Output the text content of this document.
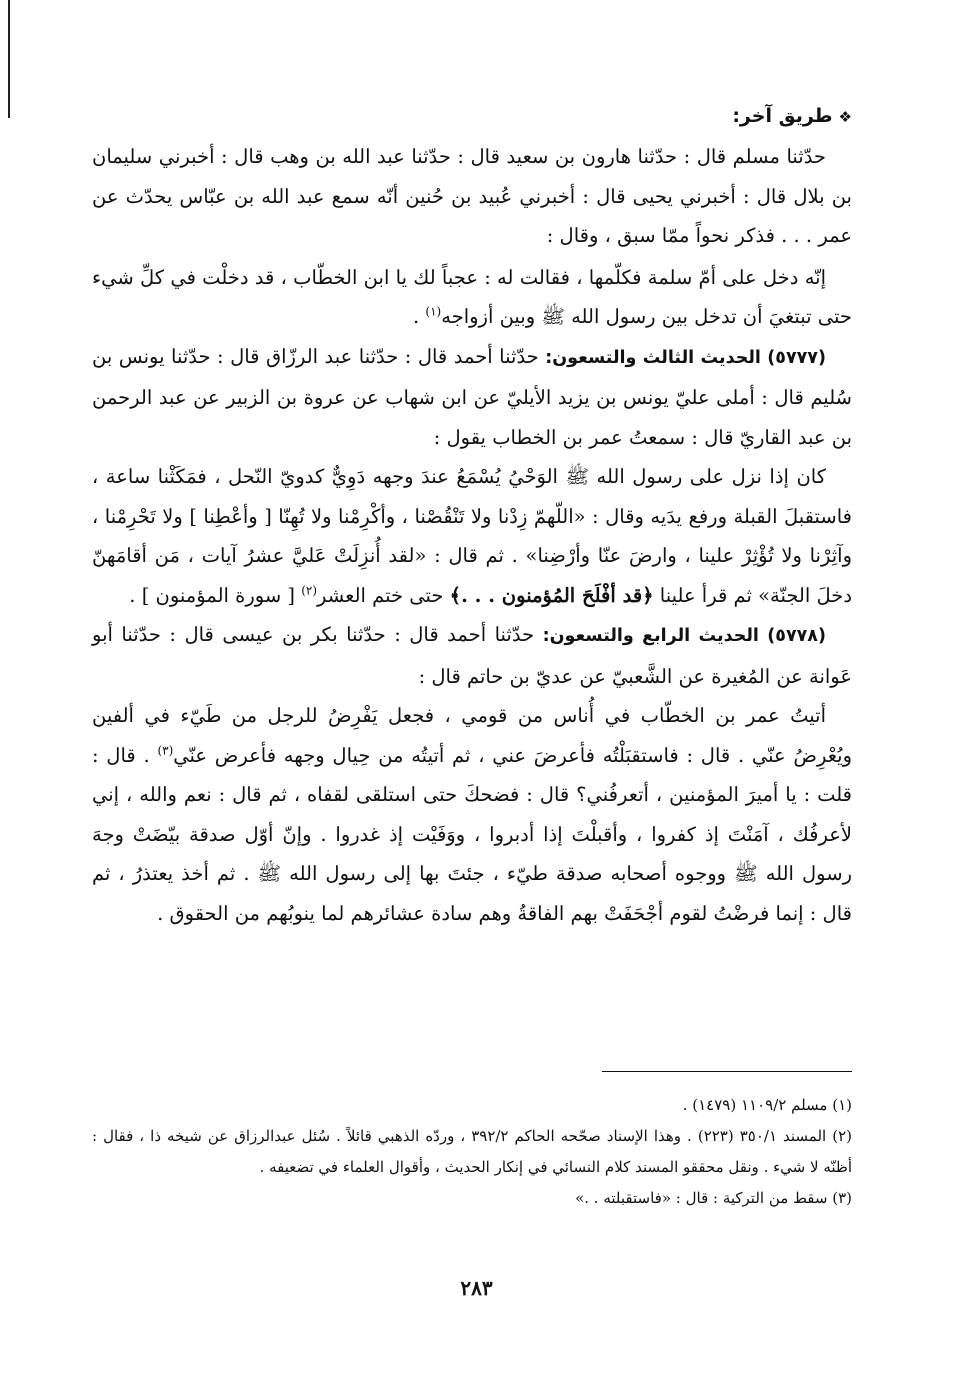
❖طريق آخر:

حدّثنا مسلم قال : حدّثنا هارون بن سعيد قال : حدّثنا عبد الله بن وهب قال : أخبرني سليمان بن بلال قال : أخبرني يحيى قال : أخبرني عُبيد بن حُنين أنّه سمع عبد الله بن عبّاس يحدّث عن عمر . . . فذكر نحواً ممّا سبق ، وقال :

إنّه دخل على أمّ سلمة فكلّمها ، فقالت له : عجباً لك يا ابن الخطّاب ، قد دخلْت في كلِّ شيء حتى تبتغيَ أن تدخل بين رسول الله ﷺ وبين أزواجه$^{(١)}$ .

(٥٧٧٧) الحديث الثالث والتسعون: حدّثنا أحمد قال : حدّثنا عبد الرزّاق قال : حدّثنا يونس بن سُليم قال : أملى عليّ يونس بن يزيد الأيليّ عن ابن شهاب عن عروة بن الزبير عن عبد الرحمن بن عبد القاريّ قال : سمعتُ عمر بن الخطاب يقول :

كان إذا نزل على رسول الله ﷺ الوَحْيُ يُسْمَعُ عندَ وجهه دَوِيٌّ كدويّ النّحل ، فمَكَثْنا ساعة ، فاستقبلَ القبلة ورفع يدَيه وقال : «اللّهمّ زِدْنا ولا تَنْقُصْنا ، وأكْرِمْنا ولا تُهِنّا [ وأعْطِنا ] ولا تَحْرِمْنا ، وآثِرْنا ولا تُؤْثِرْ علينا ، وارضَ عنّا وأرْضِنا» . ثم قال : «لقد أُنزِلَتْ عَليَّ عشرُ آيات ، مَن أقامَهنّ دخلَ الجنّة» ثم قرأ علينا ﴿قد أفْلَحَ المُؤمنون . . .﴾ حتى ختم العشر$^{(٢)}$ [ سورة المؤمنون ] .

(٥٧٧٨) الحديث الرابع والتسعون: حدّثنا أحمد قال : حدّثنا بكر بن عيسى قال : حدّثنا أبو عَوانة عن المُغيرة عن الشَّعبيّ عن عديّ بن حاتم قال :

أتيتُ عمر بن الخطّاب في أُناس من قومي ، فجعل يَفْرِضُ للرجل من طَيّء في ألفين ويُعْرِضُ عنّي . قال : فاستقبَلْتُه فأعرضَ عني ، ثم أتيتُه من حِيال وجهه فأعرض عنّي$^{(٣)}$ . قال : قلت : يا أميرَ المؤمنين ، أتعرفُني؟ قال : فضحكَ حتى استلقى لقفاه ، ثم قال : نعم والله ، إني لأعرفُك ، آمَنْتَ إذ كفروا ، وأقبلْتَ إذا أدبروا ، ووَفَيْت إذ غدروا . وإنّ أوّل صدقة بيّضَتْ وجهَ رسول الله ﷺ ووجوه أصحابه صدقة طيّء ، جئتَ بها إلى رسول الله ﷺ . ثم أخذ يعتذرُ ، ثم قال : إنما فرضْتُ لقوم أجْحَفَتْ بهم الفاقةُ وهم سادة عشائرهم لما ينوبُهم من الحقوق .

(١) مسلم ١١٠٩/٢ (١٤٧٩) .
(٢) المسند ٣٥٠/١ (٢٢٣) . وهذا الإسناد صحّحه الحاكم ٣٩٢/٢ ، وردّه الذهبي قائلاً . سُئل عبدالرزاق عن شيخه ذا ، فقال : أظنّه لا شيء . ونقل محققو المسند كلام النسائي في إنكار الحديث ، وأقوال العلماء في تضعيفه .
(٣) سقط من التركية : قال : «فاستقبلته . .»
٢٨٣
